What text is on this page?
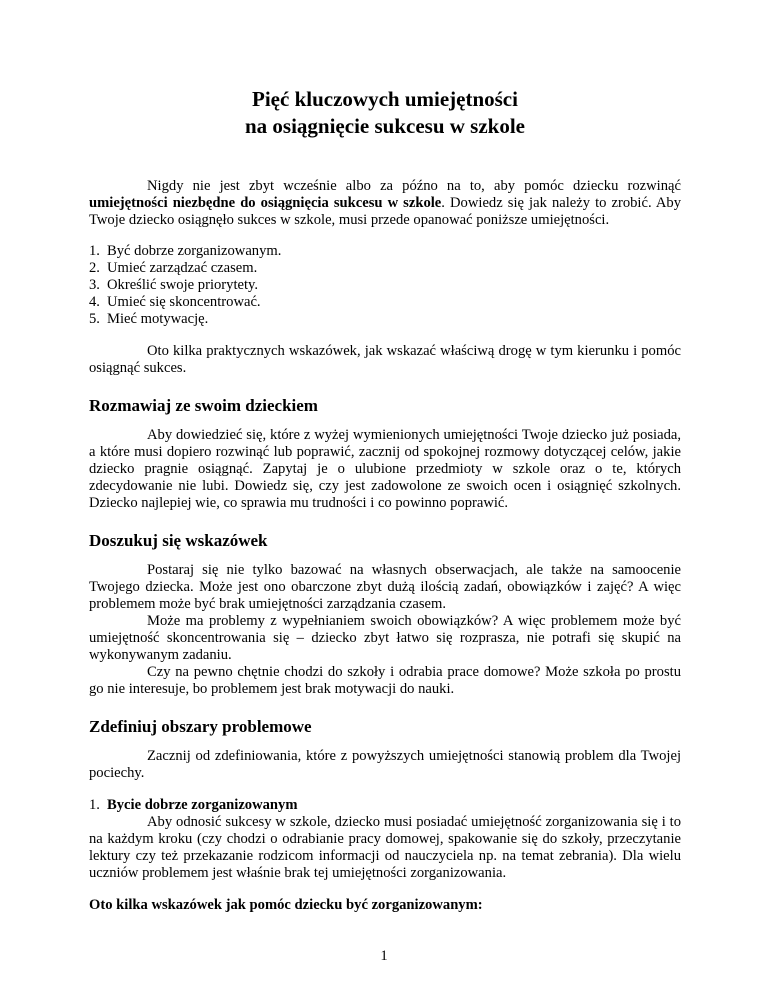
Pięć kluczowych umiejętności
na osiągnięcie sukcesu w szkole

Nigdy nie jest zbyt wcześnie albo za późno na to, aby pomóc dziecku rozwinąć umiejętności niezbędne do osiągnięcia sukcesu w szkole. Dowiedz się jak należy to zrobić. Aby Twoje dziecko osiągnęło sukces w szkole, musi przede opanować poniższe umiejętności.

1. Być dobrze zorganizowanym.
2. Umieć zarządzać czasem.
3. Określić swoje priorytety.
4. Umieć się skoncentrować.
5. Mieć motywację.

Oto kilka praktycznych wskazówek, jak wskazać właściwą drogę w tym kierunku i pomóc osiągnąć sukces.

Rozmawiaj ze swoim dzieckiem

Aby dowiedzieć się, które z wyżej wymienionych umiejętności Twoje dziecko już posiada, a które musi dopiero rozwinąć lub poprawić, zacznij od spokojnej rozmowy dotyczącej celów, jakie dziecko pragnie osiągnąć. Zapytaj je o ulubione przedmioty w szkole oraz o te, których zdecydowanie nie lubi. Dowiedz się, czy jest zadowolone ze swoich ocen i osiągnięć szkolnych. Dziecko najlepiej wie, co sprawia mu trudności i co powinno poprawić.

Doszukuj się wskazówek

Postaraj się nie tylko bazować na własnych obserwacjach, ale także na samoocenie Twojego dziecka. Może jest ono obarczone zbyt dużą ilością zadań, obowiązków i zajęć? A więc problemem może być brak umiejętności zarządzania czasem.

Może ma problemy z wypełnianiem swoich obowiązków? A więc problemem może być umiejętność skoncentrowania się – dziecko zbyt łatwo się rozprasza, nie potrafi się skupić na wykonywanym zadaniu.

Czy na pewno chętnie chodzi do szkoły i odrabia prace domowe? Może szkoła po prostu go nie interesuje, bo problemem jest brak motywacji do nauki.

Zdefiniuj obszary problemowe

Zacznij od zdefiniowania, które z powyższych umiejętności stanowią problem dla Twojej pociechy.

1. Bycie dobrze zorganizowanym

Aby odnosić sukcesy w szkole, dziecko musi posiadać umiejętność zorganizowania się i to na każdym kroku (czy chodzi o odrabianie pracy domowej, spakowanie się do szkoły, przeczytanie lektury czy też przekazanie rodzicom informacji od nauczyciela np. na temat zebrania). Dla wielu uczniów problemem jest właśnie brak tej umiejętności zorganizowania.

Oto kilka wskazówek jak pomóc dziecku być zorganizowanym:

1
